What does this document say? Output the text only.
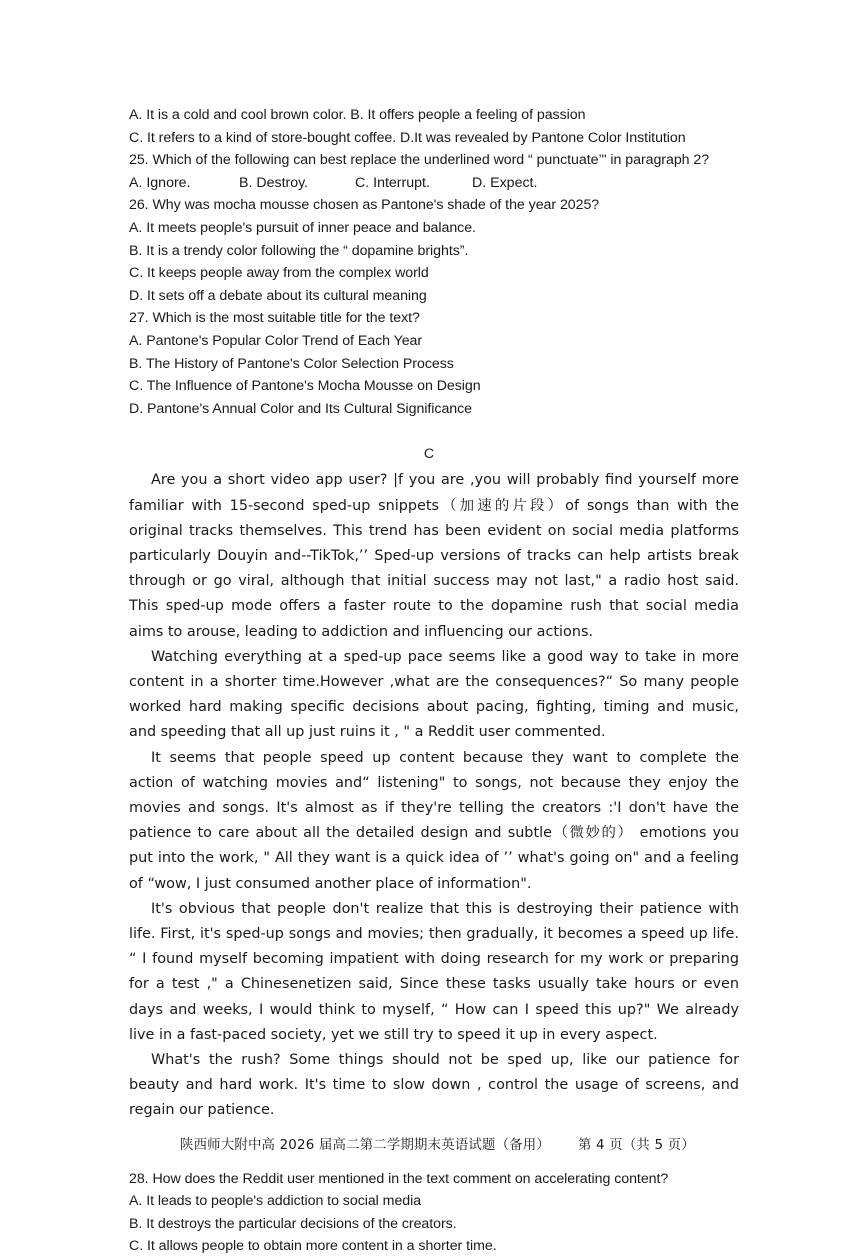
A. It is a cold and cool brown color. B. It offers people a feeling of passion
C. It refers to a kind of store-bought coffee. D.It was revealed by Pantone Color Institution
25. Which of the following can best replace the underlined word “ punctuate’" in paragraph 2?
A. Ignore.	B. Destroy.	C. Interrupt.	D. Expect.
26. Why was mocha mousse chosen as Pantone's shade of the year 2025?
A. It meets people's pursuit of inner peace and balance.
B. It is a trendy color following the “ dopamine brights”.
C. It keeps people away from the complex world
D. It sets off a debate about its cultural meaning
27. Which is the most suitable title for the text?
A. Pantone's Popular Color Trend of Each Year
B. The History of Pantone's Color Selection Process
C. The Influence of Pantone's Mocha Mousse on Design
D. Pantone's Annual Color and Its Cultural Significance
C

Are you a short video app user? |f you are ,you will probably find yourself more familiar with 15-second sped-up snippets（加速的片段）of songs than with the original tracks themselves. This trend has been evident on social media platforms particularly Douyin and--TikTok,’’ Sped-up versions of tracks can help artists break through or go viral, although that initial success may not last," a radio host said. This sped-up mode offers a faster route to the dopamine rush that social media aims to arouse, leading to addiction and influencing our actions.

Watching everything at a sped-up pace seems like a good way to take in more content in a shorter time.However ,what are the consequences?“ So many people worked hard making specific decisions about pacing, fighting, timing and music, and speeding that all up just ruins it , " a Reddit user commented.

It seems that people speed up content because they want to complete the action of watching movies and“ listening" to songs, not because they enjoy the movies and songs. It's almost as if they're telling the creators :'I don't have the patience to care about all the detailed design and subtle（微妙的） emotions you put into the work, " All they want is a quick idea of ’’ what's going on" and a feeling of “wow, I just consumed another place of information".

It's obvious that people don't realize that this is destroying their patience with life. First, it's sped-up songs and movies; then gradually, it becomes a speed up life. “ I found myself becoming impatient with doing research for my work or preparing for a test ," a Chinesenetizen said, Since these tasks usually take hours or even days and weeks, I would think to myself, “ How can I speed this up?" We already live in a fast-paced society, yet we still try to speed it up in every aspect.

What's the rush? Some things should not be sped up, like our patience for beauty and hard work. It's time to slow down , control the usage of screens, and regain our patience.

28. How does the Reddit user mentioned in the text comment on accelerating content?
A. It leads to people's addiction to social media
B. It destroys the particular decisions of the creators.
C. It allows people to obtain more content in a shorter time.
陕西师大附中高 2026 届高二第二学期期末英语试题（备用） 第 4 页（共 5 页）
